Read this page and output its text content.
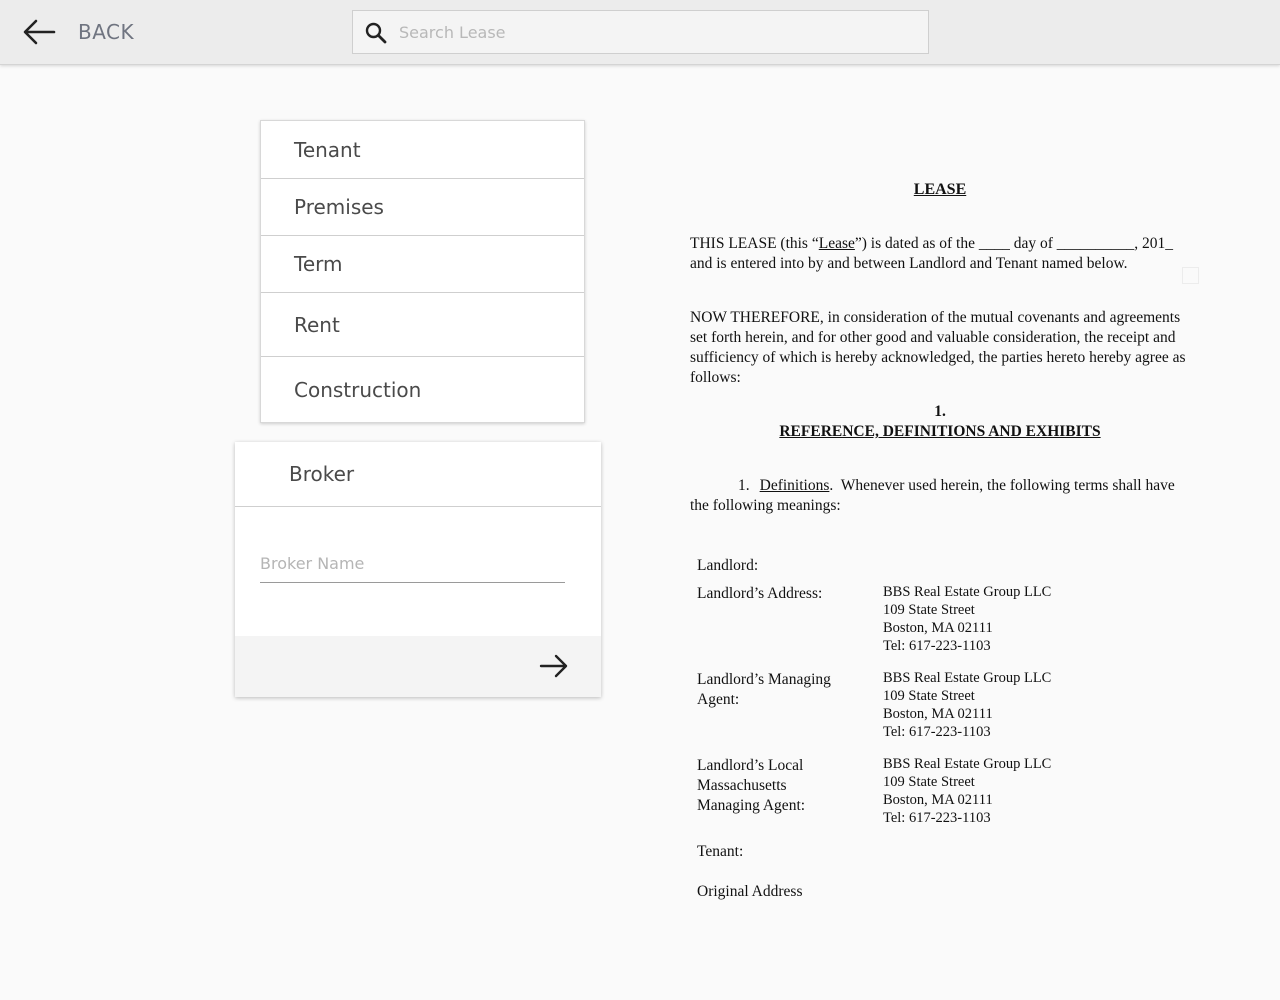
BACK
Search Lease
Tenant
Premises
Term
Rent
Construction
Broker
Broker Name

LEASE

THIS LEASE (this “Lease”) is dated as of the ____ day of __________, 201_ and is entered into by and between Landlord and Tenant named below.

NOW THEREFORE, in consideration of the mutual covenants and agreements set forth herein, and for other good and valuable consideration, the receipt and sufficiency of which is hereby acknowledged, the parties hereto hereby agree as follows:

1.

REFERENCE, DEFINITIONS AND EXHIBITS

1. Definitions. Whenever used herein, the following terms shall have the following meanings:

Landlord:
Landlord’s Address:	BBS Real Estate Group LLC
109 State Street
Boston, MA 02111
Tel: 617-223-1103
Landlord’s Managing Agent:
BBS Real Estate Group LLC
109 State Street
Boston, MA 02111
Tel: 617-223-1103
Landlord’s Local Massachusetts Managing Agent:
BBS Real Estate Group LLC
109 State Street
Boston, MA 02111
Tel: 617-223-1103
Tenant:
Original Address
